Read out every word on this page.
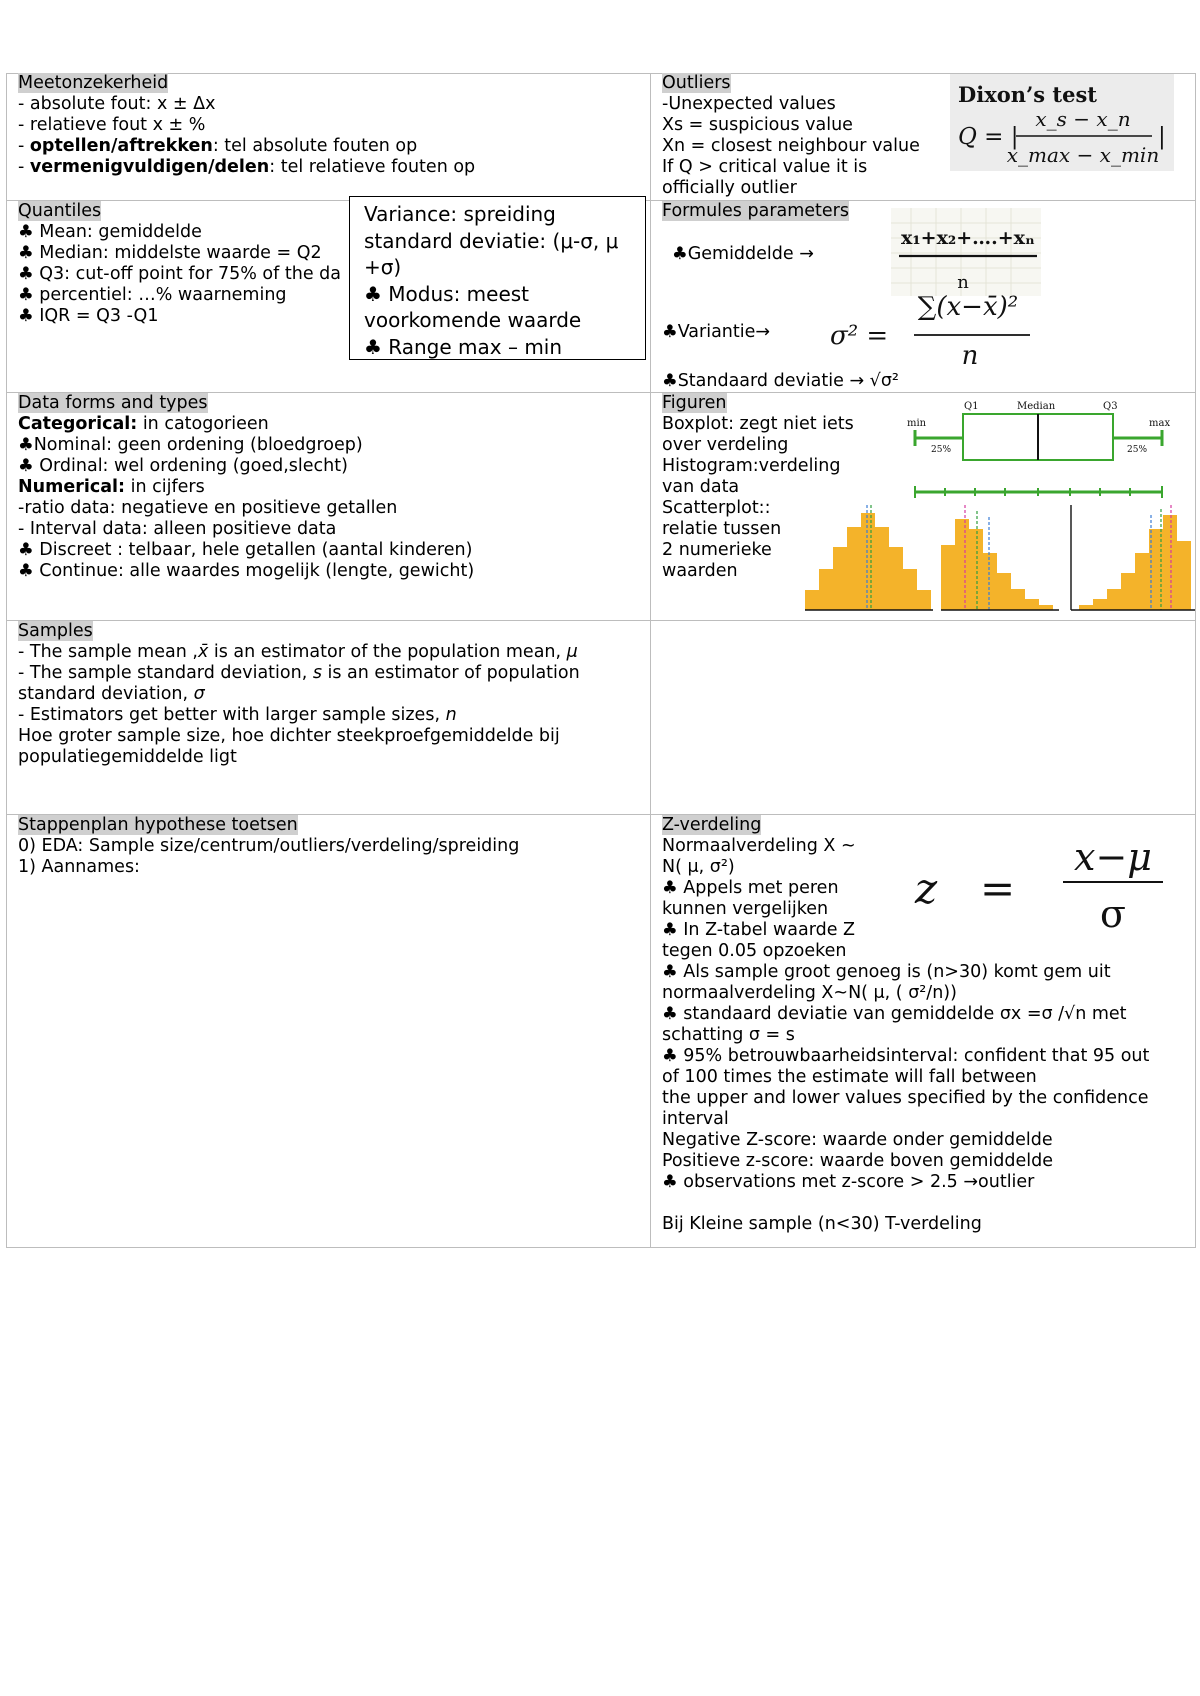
Meetonzekerheid
- absolute fout: x ± Δx
- relatieve fout x ± %
- optellen/aftrekken: tel absolute fouten op
- vermenigvuldigen/delen: tel relatieve fouten op
Outliers
-Unexpected values
Xs = suspicious value
Xn = closest neighbour value
If Q > critical value it is
officially outlier
Dixon’s test
Q = |
x_s − x_n
x_max − x_min
|
Quantiles
♣ Mean: gemiddelde
♣ Median: middelste waarde = Q2
♣ Q3: cut-off point for 75% of the da
♣ percentiel: …% waarneming
♣ IQR = Q3 -Q1
Variance: spreiding
standard deviatie: (μ-σ, μ
+σ)
♣ Modus: meest
voorkomende waarde
♣ Range max – min
Formules parameters
♣Gemiddelde →
♣Variantie→
♣Standaard deviatie → √σ²
x₁+x₂+….+xₙ
n
σ² =
∑(x−x̄)²
n
Data forms and types
Categorical: in catogorieen
♣Nominal: geen ordening (bloedgroep)
♣ Ordinal: wel ordening (goed,slecht)
Numerical: in cijfers
-ratio data: negatieve en positieve getallen
- Interval data: alleen positieve data
♣ Discreet : telbaar, hele getallen (aantal kinderen)
♣ Continue: alle waardes mogelijk (lengte, gewicht)
Figuren
Boxplot: zegt niet iets
over verdeling
Histogram:verdeling
van data
Scatterplot::
relatie tussen
2 numerieke
waarden
Q1	Median	Q3
min	max
25%	25%
Samples
- The sample mean ,x̄ is an estimator of the population mean, μ
- The sample standard deviation, s is an estimator of population
standard deviation, σ
- Estimators get better with larger sample sizes, n
Hoe groter sample size, hoe dichter steekproefgemiddelde bij
populatiegemiddelde ligt
Stappenplan hypothese toetsen
0) EDA: Sample size/centrum/outliers/verdeling/spreiding
1) Aannames:
Z-verdeling
Normaalverdeling X ~
N( μ, σ²)
♣ Appels met peren
kunnen vergelijken
♣ In Z-tabel waarde Z
tegen 0.05 opzoeken
♣ Als sample groot genoeg is (n>30) komt gem uit
normaalverdeling X~N( μ, ( σ²/n))
♣ standaard deviatie van gemiddelde σx =σ /√n met
schatting σ = s
♣ 95% betrouwbaarheidsinterval: confident that 95 out
of 100 times the estimate will fall between
the upper and lower values specified by the confidence
interval
Negative Z-score: waarde onder gemiddelde
Positieve z-score: waarde boven gemiddelde
♣ observations met z-score > 2.5 →outlier
Bij Kleine sample (n<30) T-verdeling
z =
x−μ
σ
